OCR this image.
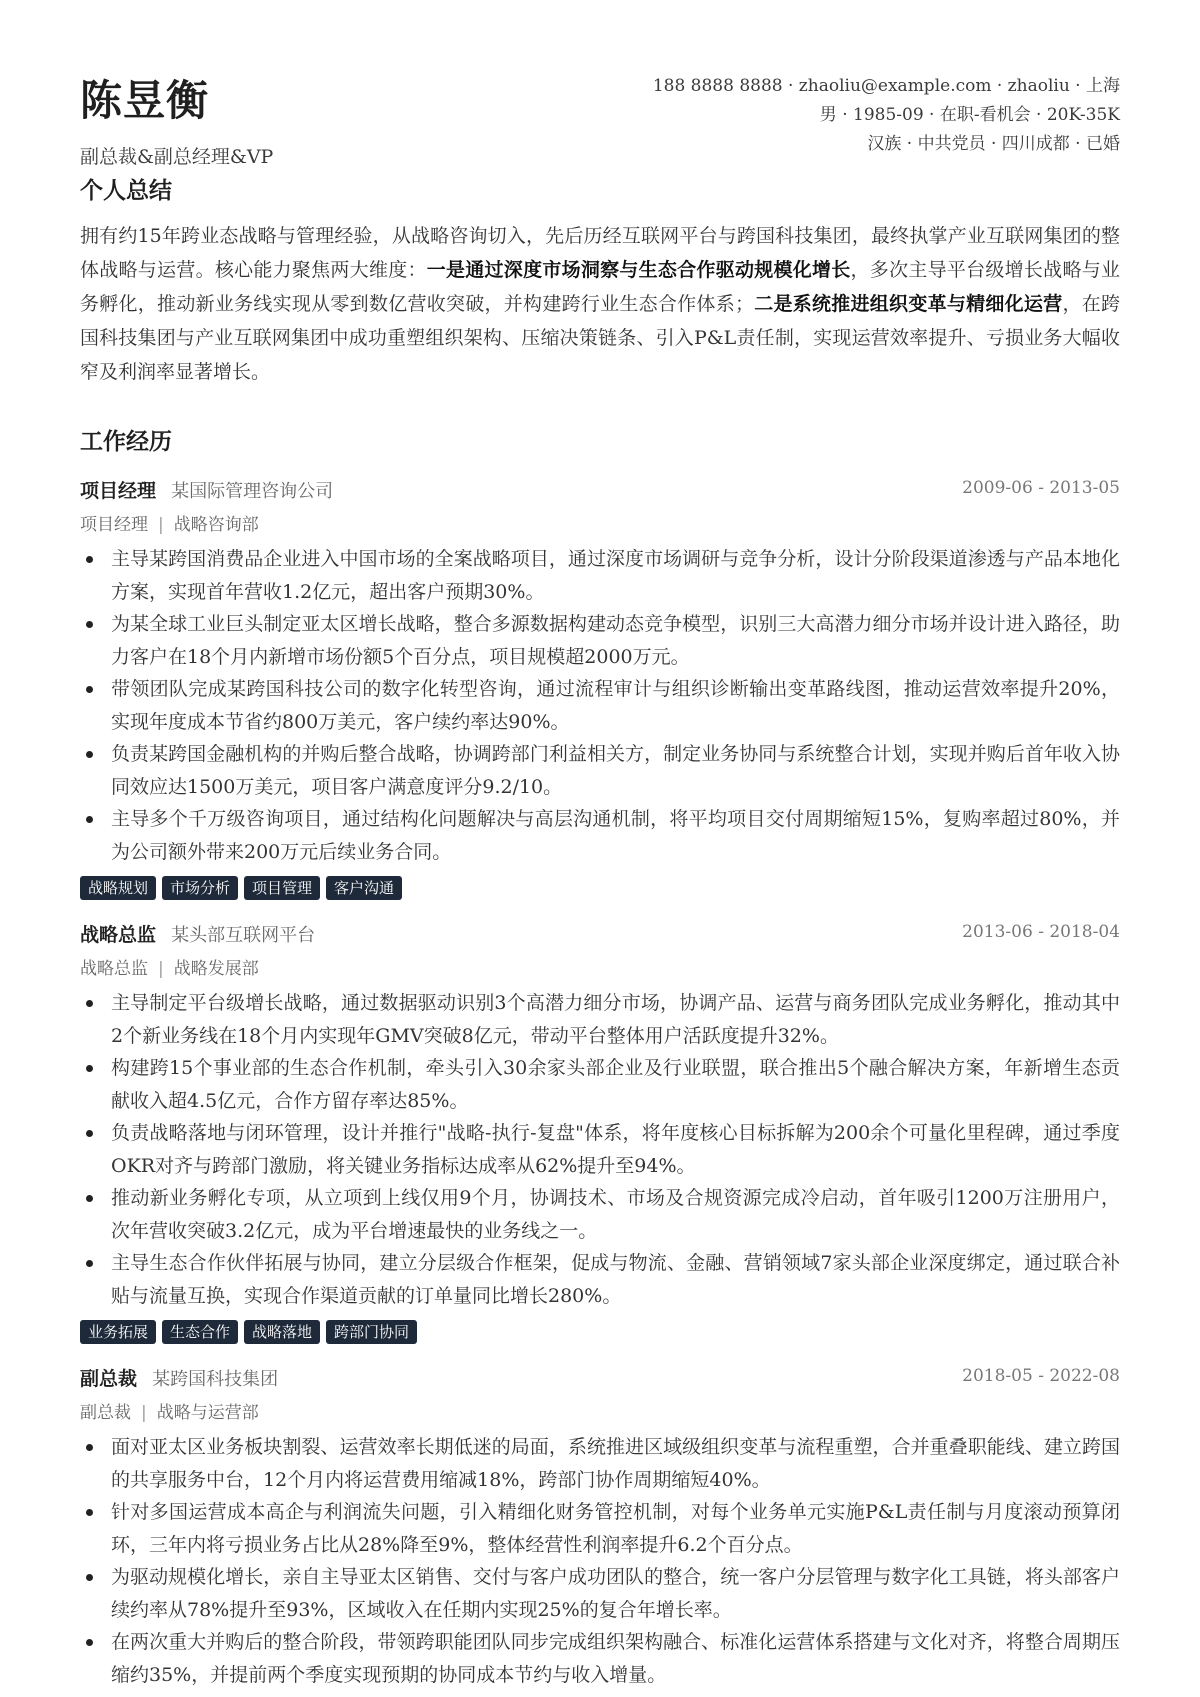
陈昱衡
副总裁&副总经理&VP
188 8888 8888 · zhaoliu@example.com · zhaoliu · 上海
男 · 1985-09 · 在职-看机会 · 20K-35K
汉族 · 中共党员 · 四川成都 · 已婚
个人总结
拥有约15年跨业态战略与管理经验，从战略咨询切入，先后历经互联网平台与跨国科技集团，最终执掌产业互联网集团的整体战略与运营。核心能力聚焦两大维度：一是通过深度市场洞察与生态合作驱动规模化增长，多次主导平台级增长战略与业务孵化，推动新业务线实现从零到数亿营收突破，并构建跨行业生态合作体系；二是系统推进组织变革与精细化运营，在跨国科技集团与产业互联网集团中成功重塑组织架构、压缩决策链条、引入P&L责任制，实现运营效率提升、亏损业务大幅收窄及利润率显著增长。
工作经历
项目经理 某国际管理咨询公司	2009-06 - 2013-05
项目经理 | 战略咨询部
主导某跨国消费品企业进入中国市场的全案战略项目，通过深度市场调研与竞争分析，设计分阶段渠道渗透与产品本地化方案，实现首年营收1.2亿元，超出客户预期30%。
为某全球工业巨头制定亚太区增长战略，整合多源数据构建动态竞争模型，识别三大高潜力细分市场并设计进入路径，助力客户在18个月内新增市场份额5个百分点，项目规模超2000万元。
带领团队完成某跨国科技公司的数字化转型咨询，通过流程审计与组织诊断输出变革路线图，推动运营效率提升20%，实现年度成本节省约800万美元，客户续约率达90%。
负责某跨国金融机构的并购后整合战略，协调跨部门利益相关方，制定业务协同与系统整合计划，实现并购后首年收入协同效应达1500万美元，项目客户满意度评分9.2/10。
主导多个千万级咨询项目，通过结构化问题解决与高层沟通机制，将平均项目交付周期缩短15%，复购率超过80%，并为公司额外带来200万元后续业务合同。
战略规划	市场分析	项目管理	客户沟通
战略总监 某头部互联网平台	2013-06 - 2018-04
战略总监 | 战略发展部
主导制定平台级增长战略，通过数据驱动识别3个高潜力细分市场，协调产品、运营与商务团队完成业务孵化，推动其中2个新业务线在18个月内实现年GMV突破8亿元，带动平台整体用户活跃度提升32%。
构建跨15个事业部的生态合作机制，牵头引入30余家头部企业及行业联盟，联合推出5个融合解决方案，年新增生态贡献收入超4.5亿元，合作方留存率达85%。
负责战略落地与闭环管理，设计并推行"战略-执行-复盘"体系，将年度核心目标拆解为200余个可量化里程碑，通过季度OKR对齐与跨部门激励，将关键业务指标达成率从62%提升至94%。
推动新业务孵化专项，从立项到上线仅用9个月，协调技术、市场及合规资源完成冷启动，首年吸引1200万注册用户，次年营收突破3.2亿元，成为平台增速最快的业务线之一。
主导生态合作伙伴拓展与协同，建立分层级合作框架，促成与物流、金融、营销领域7家头部企业深度绑定，通过联合补贴与流量互换，实现合作渠道贡献的订单量同比增长280%。
业务拓展	生态合作	战略落地	跨部门协同
副总裁 某跨国科技集团	2018-05 - 2022-08
副总裁 | 战略与运营部
面对亚太区业务板块割裂、运营效率长期低迷的局面，系统推进区域级组织变革与流程重塑，合并重叠职能线、建立跨国的共享服务中台，12个月内将运营费用缩减18%，跨部门协作周期缩短40%。
针对多国运营成本高企与利润流失问题，引入精细化财务管控机制，对每个业务单元实施P&L责任制与月度滚动预算闭环，三年内将亏损业务占比从28%降至9%，整体经营性利润率提升6.2个百分点。
为驱动规模化增长，亲自主导亚太区销售、交付与客户成功团队的整合，统一客户分层管理与数字化工具链，将头部客户续约率从78%提升至93%，区域收入在任期内实现25%的复合年增长率。
在两次重大并购后的整合阶段，带领跨职能团队同步完成组织架构融合、标准化运营体系搭建与文化对齐，将整合周期压缩约35%，并提前两个季度实现预期的协同成本节约与收入增量。
